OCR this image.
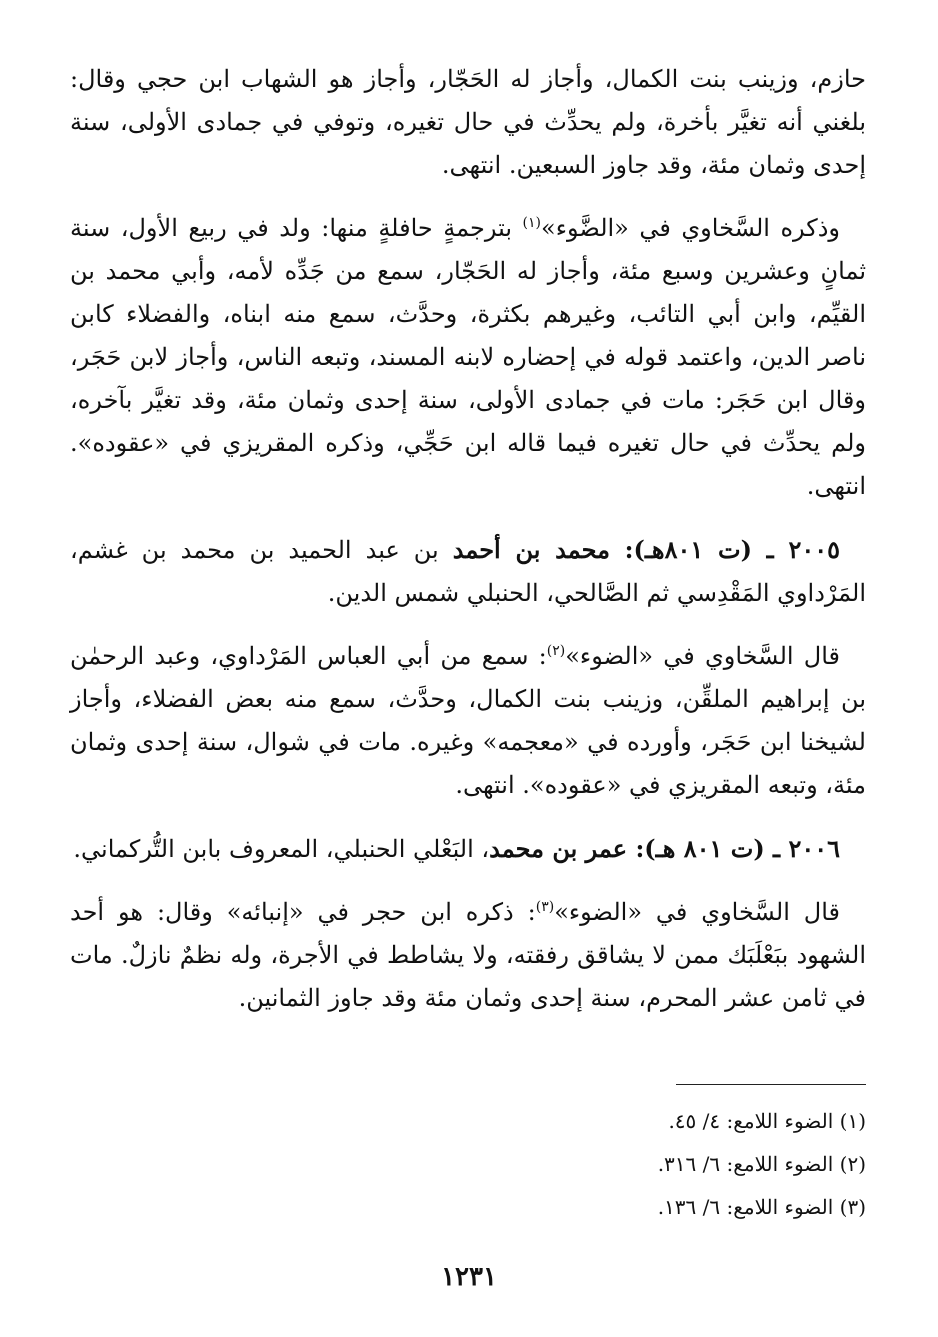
حازم، وزينب بنت الكمال، وأجاز له الحَجّار، وأجاز هو الشهاب ابن حجي وقال: بلغني أنه تغيَّر بأخرة، ولم يحدِّث في حال تغيره، وتوفي في جمادى الأولى، سنة إحدى وثمان مئة، وقد جاوز السبعين. انتهى.

وذكره السَّخاوي في «الضَّوء»$^{(١)}$ بترجمةٍ حافلةٍ منها: ولد في ربيع الأول، سنة ثمانٍ وعشرين وسبع مئة، وأجاز له الحَجّار، سمع من جَدِّه لأمه، وأبي محمد بن القيِّم، وابن أبي التائب، وغيرهم بكثرة، وحدَّث، سمع منه ابناه، والفضلاء كابن ناصر الدين، واعتمد قوله في إحضاره لابنه المسند، وتبعه الناس، وأجاز لابن حَجَر، وقال ابن حَجَر: مات في جمادى الأولى، سنة إحدى وثمان مئة، وقد تغيَّر بآخره، ولم يحدِّث في حال تغيره فيما قاله ابن حَجِّي، وذكره المقريزي في «عقوده». انتهى.

٢٠٠٥ ـ (ت ٨٠١هـ): محمد بن أحمد بن عبد الحميد بن محمد بن غشم، المَرْداوي المَقْدِسي ثم الصَّالحي، الحنبلي شمس الدين.

قال السَّخاوي في «الضوء»$^{(٢)}$: سمع من أبي العباس المَرْداوي، وعبد الرحمٰن بن إبراهيم الملقِّن، وزينب بنت الكمال، وحدَّث، سمع منه بعض الفضلاء، وأجاز لشيخنا ابن حَجَر، وأورده في «معجمه» وغيره. مات في شوال، سنة إحدى وثمان مئة، وتبعه المقريزي في «عقوده». انتهى.

٢٠٠٦ ـ (ت ٨٠١ هـ): عمر بن محمد، البَعْلي الحنبلي، المعروف بابن التُّركماني.

قال السَّخاوي في «الضوء»$^{(٣)}$: ذكره ابن حجر في «إنبائه» وقال: هو أحد الشهود ببَعْلَبَك ممن لا يشاقق رفقته، ولا يشاطط في الأجرة، وله نظمٌ نازلٌ. مات في ثامن عشر المحرم، سنة إحدى وثمان مئة وقد جاوز الثمانين.

(١) الضوء اللامع: ٤/ ٤٥.

(٢) الضوء اللامع: ٦/ ٣١٦.

(٣) الضوء اللامع: ٦/ ١٣٦.

١٢٣١
